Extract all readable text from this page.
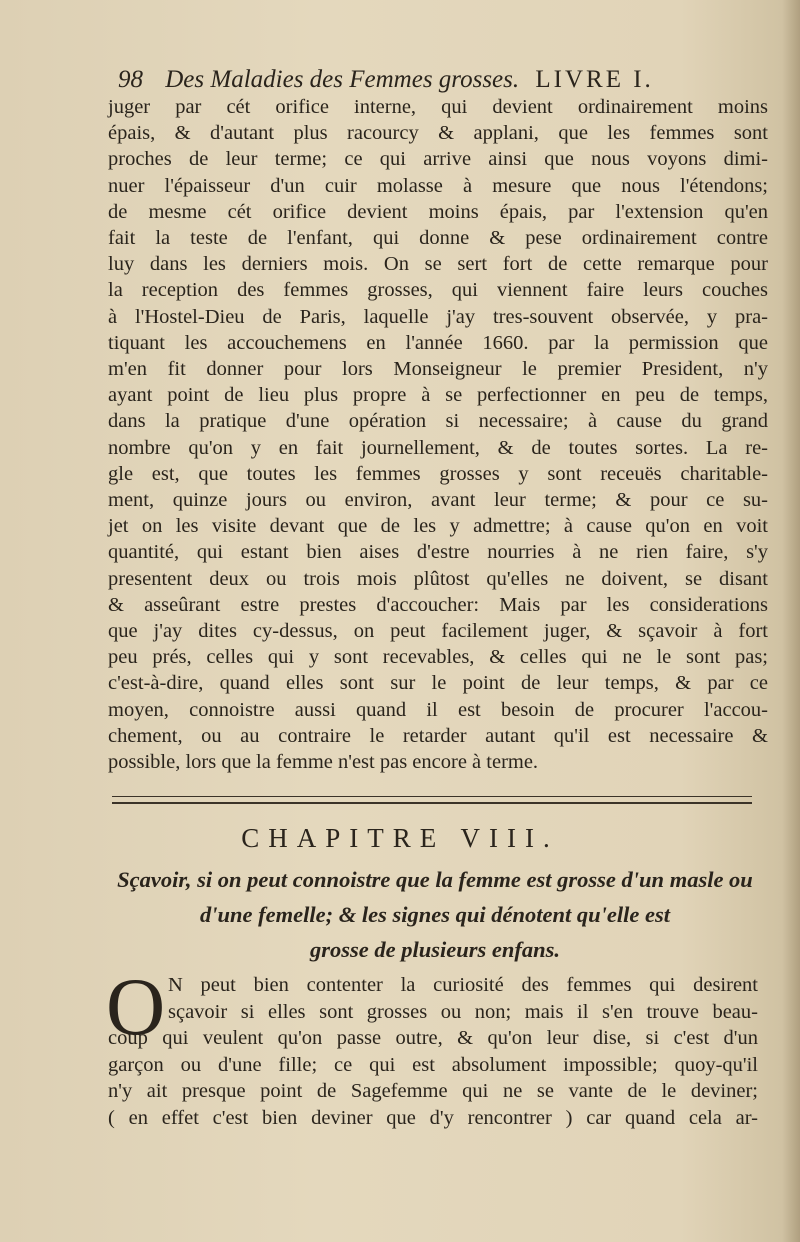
98 Des Maladies des Femmes grosses. LIVRE I.
juger par cét orifice interne, qui devient ordinairement moins
épais, & d'autant plus racourcy & applani, que les femmes sont
proches de leur terme; ce qui arrive ainsi que nous voyons dimi-
nuer l'épaisseur d'un cuir molasse à mesure que nous l'étendons;
de mesme cét orifice devient moins épais, par l'extension qu'en
fait la teste de l'enfant, qui donne & pese ordinairement contre
luy dans les derniers mois. On se sert fort de cette remarque pour
la reception des femmes grosses, qui viennent faire leurs couches
à l'Hostel-Dieu de Paris, laquelle j'ay tres-souvent observée, y pra-
tiquant les accouchemens en l'année 1660. par la permission que
m'en fit donner pour lors Monseigneur le premier President, n'y
ayant point de lieu plus propre à se perfectionner en peu de temps,
dans la pratique d'une opération si necessaire; à cause du grand
nombre qu'on y en fait journellement, & de toutes sortes. La re-
gle est, que toutes les femmes grosses y sont receuës charitable-
ment, quinze jours ou environ, avant leur terme; & pour ce su-
jet on les visite devant que de les y admettre; à cause qu'on en voit
quantité, qui estant bien aises d'estre nourries à ne rien faire, s'y
presentent deux ou trois mois plûtost qu'elles ne doivent, se disant
& asseûrant estre prestes d'accoucher: Mais par les considerations
que j'ay dites cy-dessus, on peut facilement juger, & sçavoir à fort
peu prés, celles qui y sont recevables, & celles qui ne le sont pas;
c'est-à-dire, quand elles sont sur le point de leur temps, & par ce
moyen, connoistre aussi quand il est besoin de procurer l'accou-
chement, ou au contraire le retarder autant qu'il est necessaire &
possible, lors que la femme n'est pas encore à terme.
CHAPITRE VIII.
Sçavoir, si on peut connoistre que la femme est grosse d'un masle ou
d'une femelle; & les signes qui dénotent qu'elle est
grosse de plusieurs enfans.
O N peut bien contenter la curiosité des femmes qui desirent
sçavoir si elles sont grosses ou non; mais il s'en trouve beau-
coup qui veulent qu'on passe outre, & qu'on leur dise, si c'est d'un
garçon ou d'une fille; ce qui est absolument impossible; quoy-qu'il
n'y ait presque point de Sagefemme qui ne se vante de le deviner;
( en effet c'est bien deviner que d'y rencontrer ) car quand cela ar-
